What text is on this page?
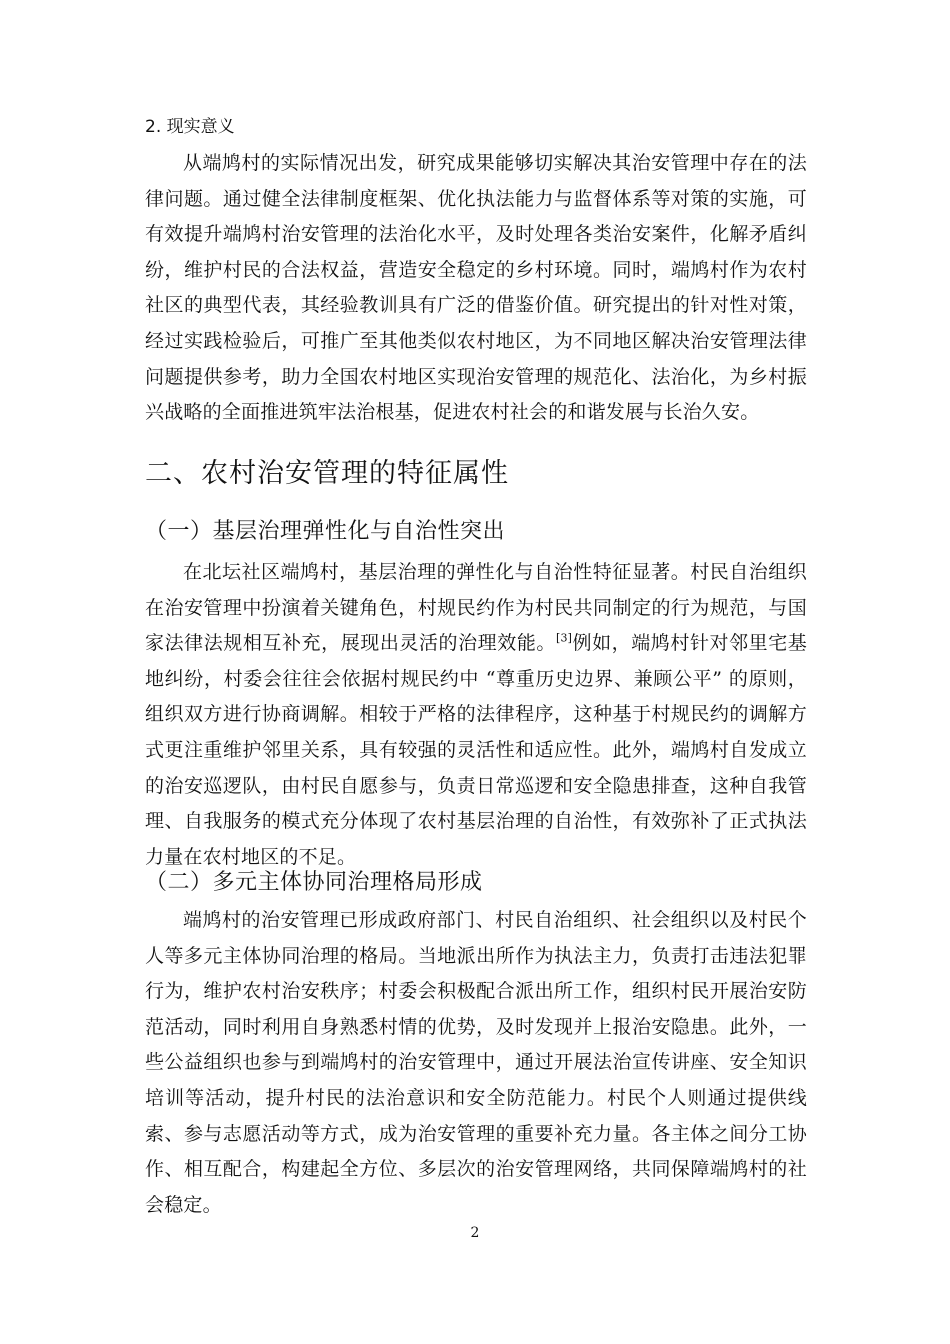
2. 现实意义

从端鸠村的实际情况出发，研究成果能够切实解决其治安管理中存在的法律问题。通过健全法律制度框架、优化执法能力与监督体系等对策的实施，可有效提升端鸠村治安管理的法治化水平，及时处理各类治安案件，化解矛盾纠纷，维护村民的合法权益，营造安全稳定的乡村环境。同时，端鸠村作为农村社区的典型代表，其经验教训具有广泛的借鉴价值。研究提出的针对性对策，经过实践检验后，可推广至其他类似农村地区，为不同地区解决治安管理法律问题提供参考，助力全国农村地区实现治安管理的规范化、法治化，为乡村振兴战略的全面推进筑牢法治根基，促进农村社会的和谐发展与长治久安。

二、农村治安管理的特征属性
（一）基层治理弹性化与自治性突出

在北坛社区端鸠村，基层治理的弹性化与自治性特征显著。村民自治组织在治安管理中扮演着关键角色，村规民约作为村民共同制定的行为规范，与国家法律法规相互补充，展现出灵活的治理效能。[3]例如，端鸠村针对邻里宅基地纠纷，村委会往往会依据村规民约中 “尊重历史边界、兼顾公平” 的原则，组织双方进行协商调解。相较于严格的法律程序，这种基于村规民约的调解方式更注重维护邻里关系，具有较强的灵活性和适应性。此外，端鸠村自发成立的治安巡逻队，由村民自愿参与，负责日常巡逻和安全隐患排查，这种自我管理、自我服务的模式充分体现了农村基层治理的自治性，有效弥补了正式执法力量在农村地区的不足。

（二）多元主体协同治理格局形成

端鸠村的治安管理已形成政府部门、村民自治组织、社会组织以及村民个人等多元主体协同治理的格局。当地派出所作为执法主力，负责打击违法犯罪行为，维护农村治安秩序；村委会积极配合派出所工作，组织村民开展治安防范活动，同时利用自身熟悉村情的优势，及时发现并上报治安隐患。此外，一些公益组织也参与到端鸠村的治安管理中，通过开展法治宣传讲座、安全知识培训等活动，提升村民的法治意识和安全防范能力。村民个人则通过提供线索、参与志愿活动等方式，成为治安管理的重要补充力量。各主体之间分工协作、相互配合，构建起全方位、多层次的治安管理网络，共同保障端鸠村的社会稳定。

2
